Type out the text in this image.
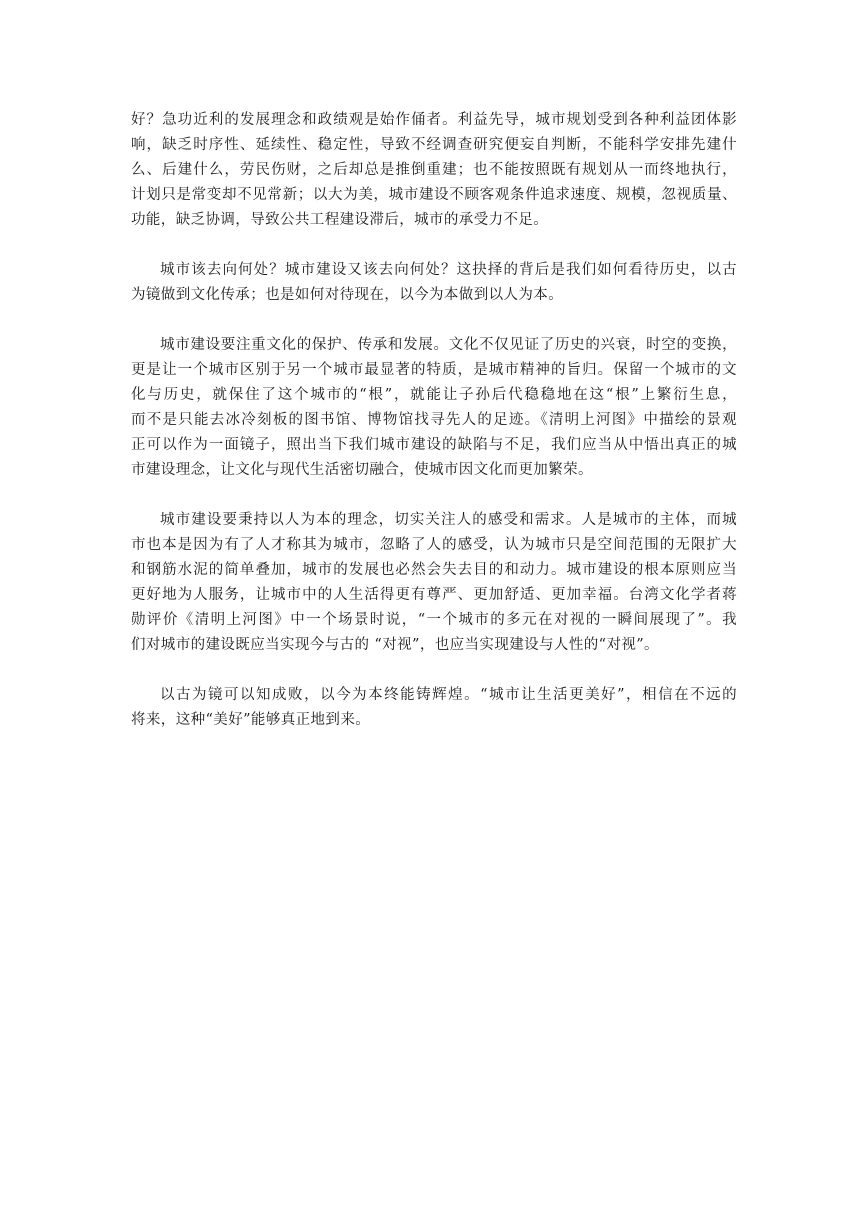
好？急功近利的发展理念和政绩观是始作俑者。利益先导，城市规划受到各种利益团体影
响，缺乏时序性、延续性、稳定性，导致不经调查研究便妄自判断，不能科学安排先建什
么、后建什么，劳民伤财，之后却总是推倒重建；也不能按照既有规划从一而终地执行，
计划只是常变却不见常新；以大为美，城市建设不顾客观条件追求速度、规模，忽视质量、
功能，缺乏协调，导致公共工程建设滞后，城市的承受力不足。

城市该去向何处？城市建设又该去向何处？这抉择的背后是我们如何看待历史，以古
为镜做到文化传承；也是如何对待现在，以今为本做到以人为本。

城市建设要注重文化的保护、传承和发展。文化不仅见证了历史的兴衰，时空的变换，
更是让一个城市区别于另一个城市最显著的特质，是城市精神的旨归。保留一个城市的文
化与历史，就保住了这个城市的“根”，就能让子孙后代稳稳地在这“根”上繁衍生息，
而不是只能去冰冷刻板的图书馆、博物馆找寻先人的足迹。《清明上河图》中描绘的景观
正可以作为一面镜子，照出当下我们城市建设的缺陷与不足，我们应当从中悟出真正的城
市建设理念，让文化与现代生活密切融合，使城市因文化而更加繁荣。

城市建设要秉持以人为本的理念，切实关注人的感受和需求。人是城市的主体，而城
市也本是因为有了人才称其为城市，忽略了人的感受，认为城市只是空间范围的无限扩大
和钢筋水泥的简单叠加，城市的发展也必然会失去目的和动力。城市建设的根本原则应当
更好地为人服务，让城市中的人生活得更有尊严、更加舒适、更加幸福。台湾文化学者蒋
勋评价《清明上河图》中一个场景时说，“一个城市的多元在对视的一瞬间展现了”。我
们对城市的建设既应当实现今与古的 “对视”，也应当实现建设与人性的“对视”。

以古为镜可以知成败，以今为本终能铸辉煌。“城市让生活更美好”，相信在不远的
将来，这种“美好”能够真正地到来。
